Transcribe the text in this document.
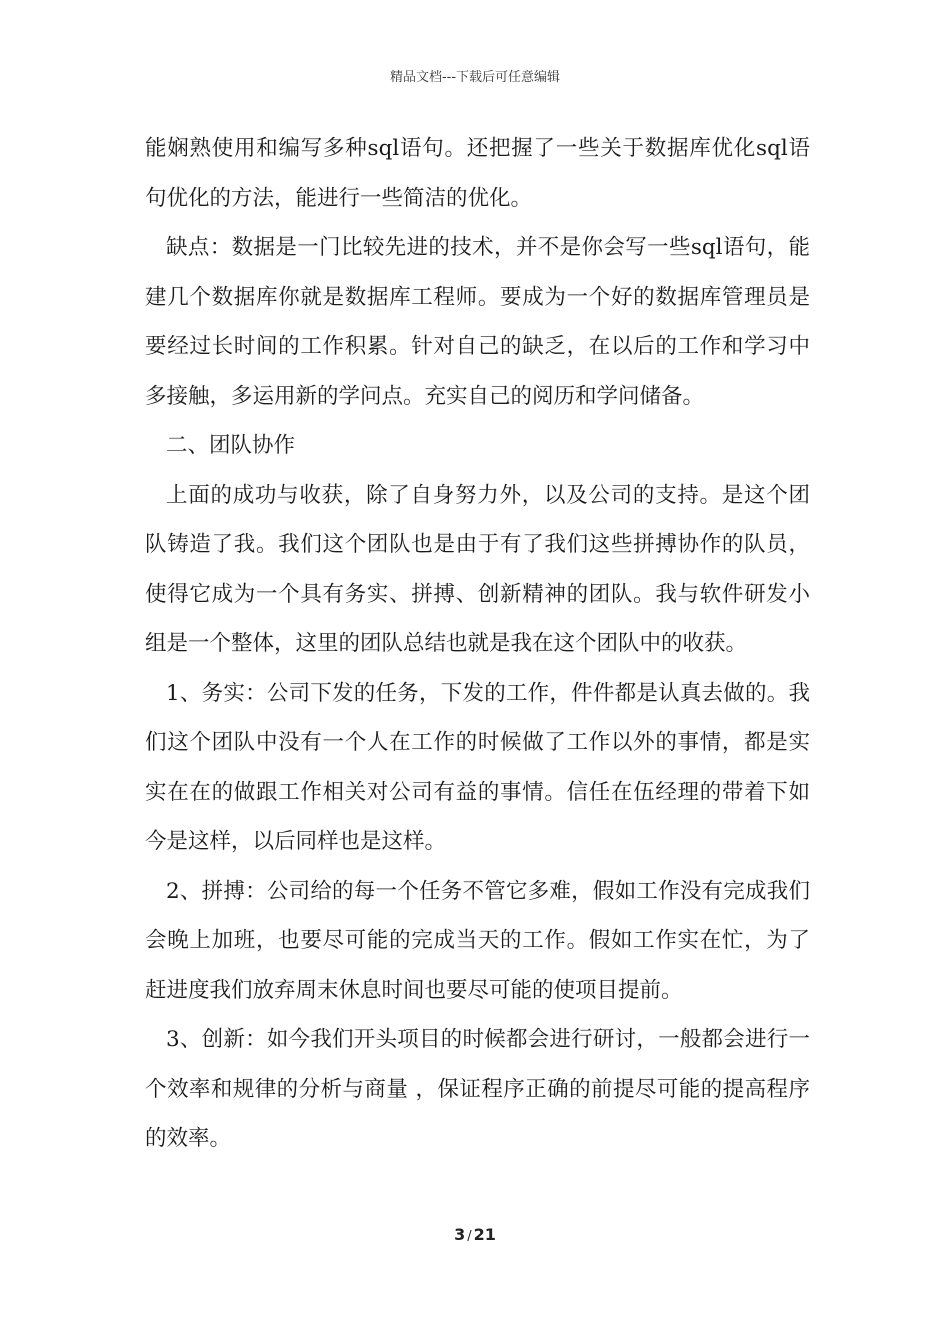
精品文档---下载后可任意编辑

能娴熟使用和编写多种sql语句。还把握了一些关于数据库优化sql语句优化的方法，能进行一些简洁的优化。

缺点：数据是一门比较先进的技术，并不是你会写一些sql语句，能建几个数据库你就是数据库工程师。要成为一个好的数据库管理员是要经过长时间的工作积累。针对自己的缺乏，在以后的工作和学习中多接触，多运用新的学问点。充实自己的阅历和学问储备。

二、团队协作

上面的成功与收获，除了自身努力外，以及公司的支持。是这个团队铸造了我。我们这个团队也是由于有了我们这些拼搏协作的队员，使得它成为一个具有务实、拼搏、创新精神的团队。我与软件研发小组是一个整体，这里的团队总结也就是我在这个团队中的收获。

1、务实：公司下发的任务，下发的工作，件件都是认真去做的。我们这个团队中没有一个人在工作的时候做了工作以外的事情，都是实实在在的做跟工作相关对公司有益的事情。信任在伍经理的带着下如今是这样，以后同样也是这样。

2、拼搏：公司给的每一个任务不管它多难，假如工作没有完成我们会晚上加班，也要尽可能的完成当天的工作。假如工作实在忙，为了赶进度我们放弃周末休息时间也要尽可能的使项目提前。

3、创新：如今我们开头项目的时候都会进行研讨，一般都会进行一个效率和规律的分析与商量 ，保证程序正确的前提尽可能的提高程序的效率。

3 / 21
